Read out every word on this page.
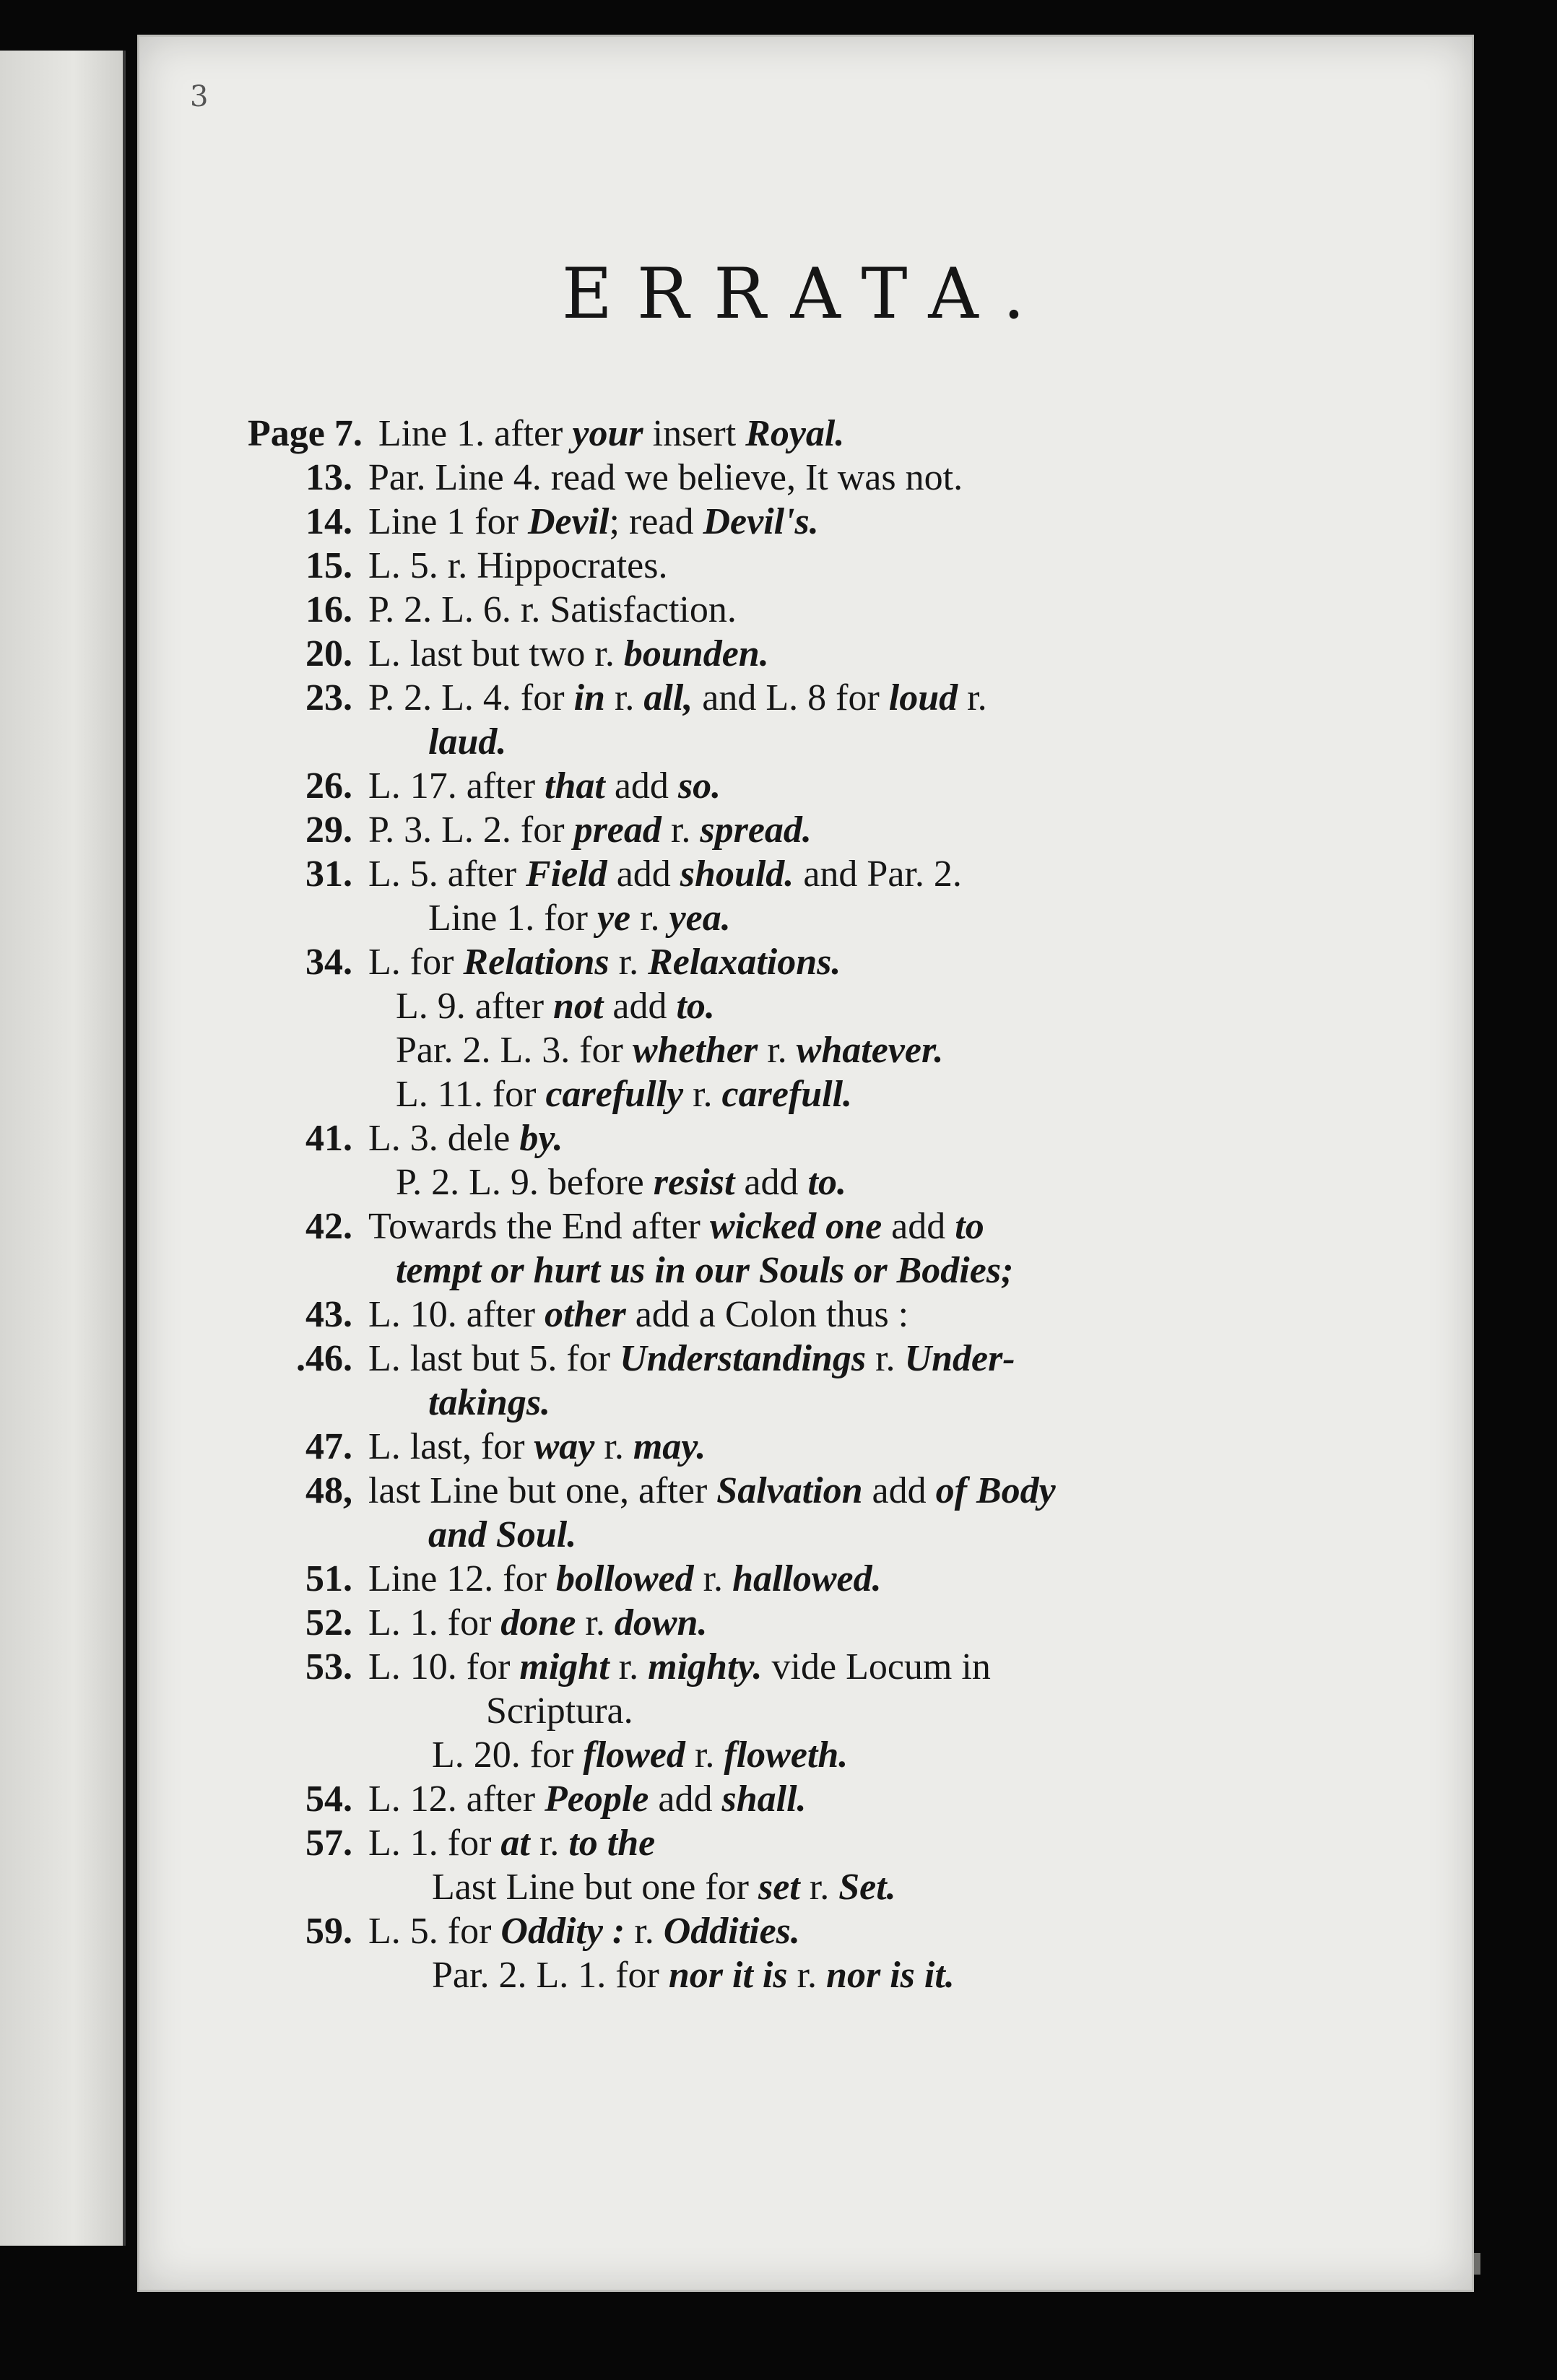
3
ERRATA.
Page 7. Line 1. after your insert Royal.
13. Par. Line 4. read we believe, It was not.
14. Line 1 for Devil; read Devil's.
15. L. 5. r. Hippocrates.
16. P. 2. L. 6. r. Satisfaction.
20. L. last but two r. bounden.
23. P. 2. L. 4. for in r. all, and L. 8 for loud r.
laud.
26. L. 17. after that add so.
29. P. 3. L. 2. for pread r. spread.
31. L. 5. after Field add should. and Par. 2.
Line 1. for ye r. yea.
34. L. for Relations r. Relaxations.
L. 9. after not add to.
Par. 2. L. 3. for whether r. whatever.
L. 11. for carefully r. carefull.
41. L. 3. dele by.
P. 2. L. 9. before resist add to.
42. Towards the End after wicked one add to
tempt or hurt us in our Souls or Bodies;
43. L. 10. after other add a Colon thus :
.46. L. last but 5. for Understandings r. Under-
takings.
47. L. last, for way r. may.
48, last Line but one, after Salvation add of Body
and Soul.
51. Line 12. for bollowed r. hallowed.
52. L. 1. for done r. down.
53. L. 10. for might r. mighty. vide Locum in
Scriptura.
L. 20. for flowed r. floweth.
54. L. 12. after People add shall.
57. L. 1. for at r. to the
Last Line but one for set r. Set.
59. L. 5. for Oddity : r. Oddities.
Par. 2. L. 1. for nor it is r. nor is it.
